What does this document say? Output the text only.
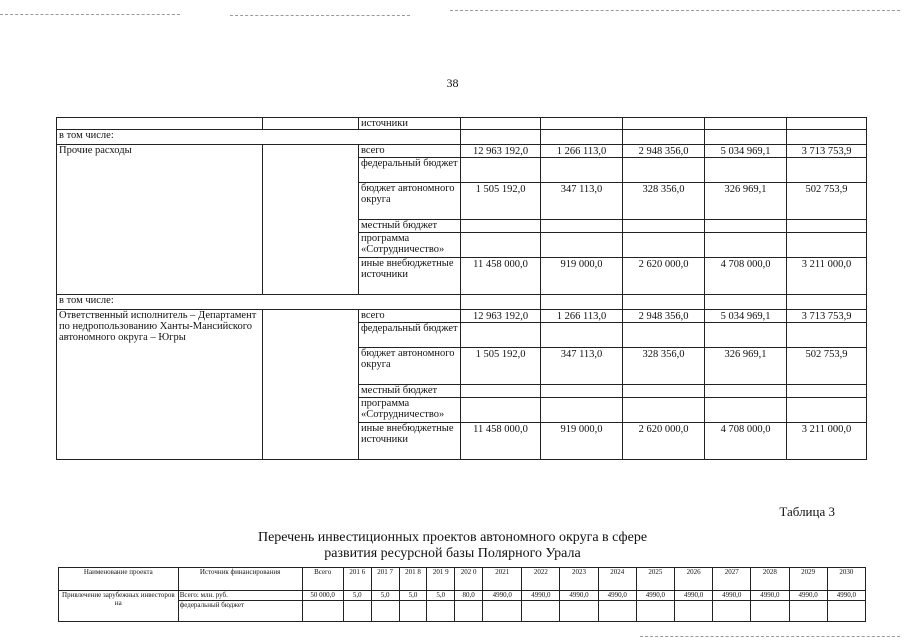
38
		источники					
в том числе:							
Прочие расходы		всего	12 963 192,0	1 266 113,0	2 948 356,0	5 034 969,1	3 713 753,9
		федеральный бюджет					
		бюджет автономного округа	1 505 192,0	347 113,0	328 356,0	326 969,1	502 753,9
		местный бюджет					
		программа «Сотрудничество»					
		иные внебюджетные источники	11 458 000,0	919 000,0	2 620 000,0	4 708 000,0	3 211 000,0
в том числе:							
Ответственный исполнитель – Департамент по недропользованию Ханты-Мансийского автономного округа – Югры		всего	12 963 192,0	1 266 113,0	2 948 356,0	5 034 969,1	3 713 753,9
		федеральный бюджет					
		бюджет автономного округа	1 505 192,0	347 113,0	328 356,0	326 969,1	502 753,9
		местный бюджет					
		программа «Сотрудничество»					
		иные внебюджетные источники	11 458 000,0	919 000,0	2 620 000,0	4 708 000,0	3 211 000,0
Таблица 3
Перечень инвестиционных проектов автономного округа в сфере
развития ресурсной базы Полярного Урала
Наименование проекта	Источник финансирования	Всего	201 6	201 7	201 8	201 9	202 0	2021	2022	2023	2024	2025	2026	2027	2028	2029	2030
Привлечение зарубежных инвесторов на	Всего: млн. руб.	50 000,0	5,0	5,0	5,0	5,0	80,0	4990,0	4990,0	4990,0	4990,0	4990,0	4990,0	4990,0	4990,0	4990,0	4990,0
	федеральный бюджет																
